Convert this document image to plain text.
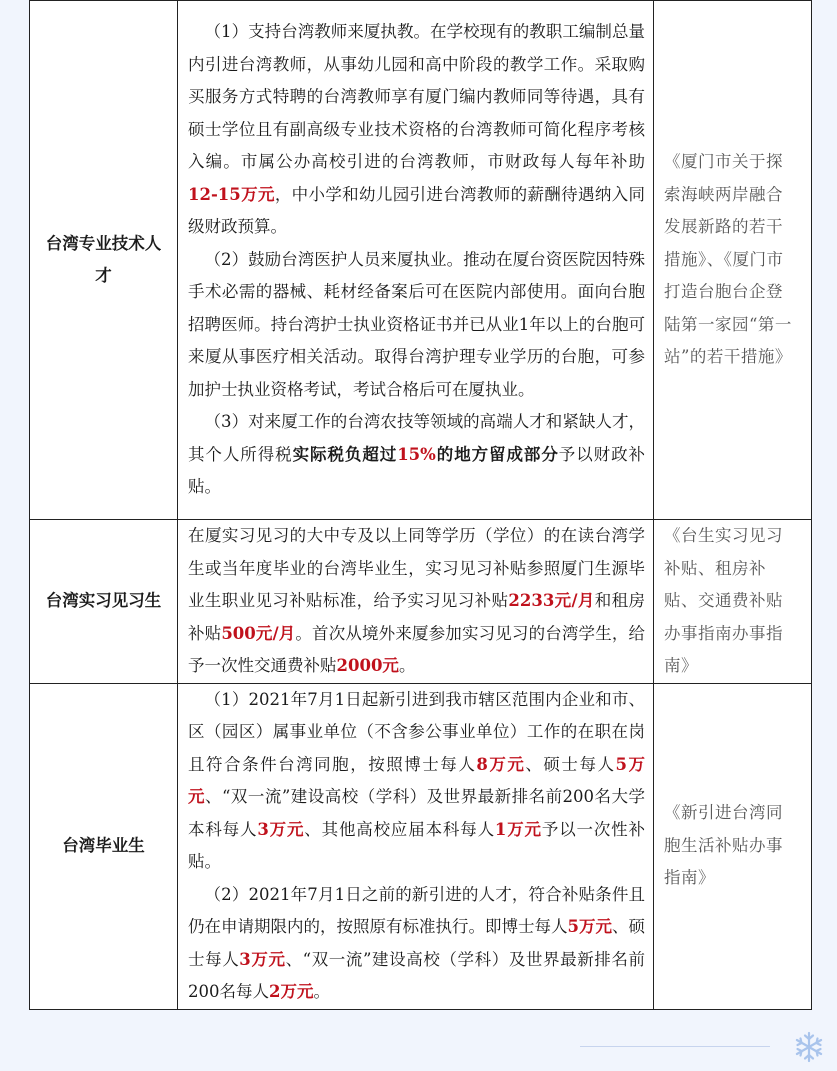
台湾专业技术人才	（1）支持台湾教师来厦执教。在学校现有的教职工编制总量内引进台湾教师，从事幼儿园和高中阶段的教学工作。采取购买服务方式特聘的台湾教师享有厦门编内教师同等待遇，具有硕士学位且有副高级专业技术资格的台湾教师可简化程序考核入编。市属公办高校引进的台湾教师，市财政每人每年补助12-15万元，中小学和幼儿园引进台湾教师的薪酬待遇纳入同级财政预算。

（2）鼓励台湾医护人员来厦执业。推动在厦台资医院因特殊手术必需的器械、耗材经备案后可在医院内部使用。面向台胞招聘医师。持台湾护士执业资格证书并已从业1年以上的台胞可来厦从事医疗相关活动。取得台湾护理专业学历的台胞，可参加护士执业资格考试，考试合格后可在厦执业。

（3）对来厦工作的台湾农技等领域的高端人才和紧缺人才，其个人所得税实际税负超过15%的地方留成部分予以财政补贴。	《厦门市关于探索海峡两岸融合发展新路的若干措施》、《厦门市打造台胞台企登陆第一家园“第一站”的若干措施》
台湾实习见习生	在厦实习见习的大中专及以上同等学历（学位）的在读台湾学生或当年度毕业的台湾毕业生，实习见习补贴参照厦门生源毕业生职业见习补贴标准，给予实习见习补贴2233元/月和租房补贴500元/月。首次从境外来厦参加实习见习的台湾学生，给予一次性交通费补贴2000元。	《台生实习见习补贴、租房补贴、交通费补贴 办事指南办事指南》
台湾毕业生	（1）2021年7月1日起新引进到我市辖区范围内企业和市、区（园区）属事业单位（不含参公事业单位）工作的在职在岗且符合条件台湾同胞，按照博士每人8万元、硕士每人5万元、“双一流”建设高校（学科）及世界最新排名前200名大学本科每人3万元、其他高校应届本科每人1万元予以一次性补贴。

（2）2021年7月1日之前的新引进的人才，符合补贴条件且仍在申请期限内的，按照原有标准执行。即博士每人5万元、硕士每人3万元、“双一流”建设高校（学科）及世界最新排名前200名每人2万元。	《新引进台湾同胞生活补贴办事指南》
